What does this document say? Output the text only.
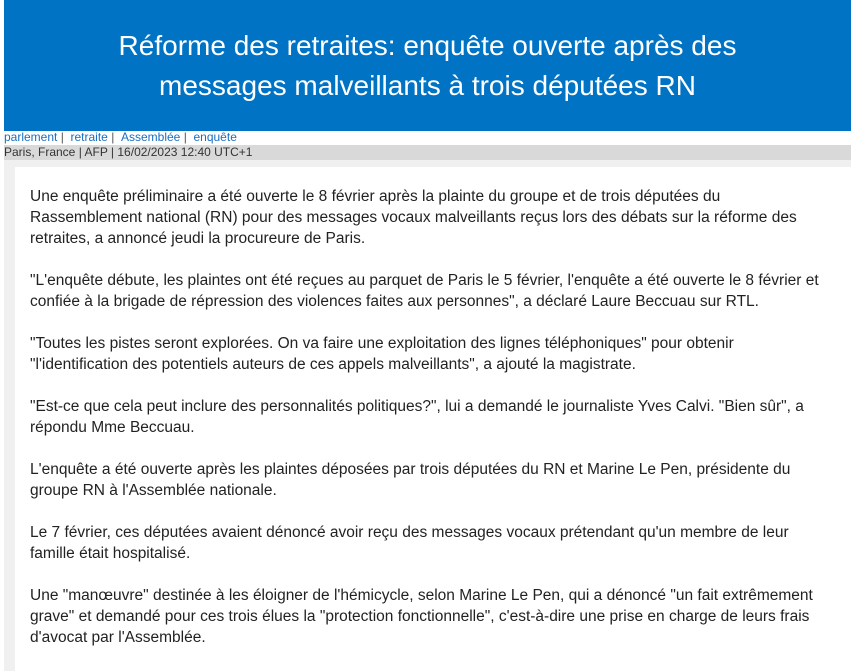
Réforme des retraites: enquête ouverte après des
messages malveillants à trois députées RN
parlement |  retraite |  Assemblée |  enquête
Paris, France | AFP | 16/02/2023 12:40 UTC+1

Une enquête préliminaire a été ouverte le 8 février après la plainte du groupe et de trois députées du Rassemblement national (RN) pour des messages vocaux malveillants reçus lors des débats sur la réforme des retraites, a annoncé jeudi la procureure de Paris.

"L'enquête débute, les plaintes ont été reçues au parquet de Paris le 5 février, l'enquête a été ouverte le 8 février et confiée à la brigade de répression des violences faites aux personnes", a déclaré Laure Beccuau sur RTL.

"Toutes les pistes seront explorées. On va faire une exploitation des lignes téléphoniques" pour obtenir "l'identification des potentiels auteurs de ces appels malveillants", a ajouté la magistrate.

"Est-ce que cela peut inclure des personnalités politiques?", lui a demandé le journaliste Yves Calvi. "Bien sûr", a répondu Mme Beccuau.

L'enquête a été ouverte après les plaintes déposées par trois députées du RN et Marine Le Pen, présidente du groupe RN à l'Assemblée nationale.

Le 7 février, ces députées avaient dénoncé avoir reçu des messages vocaux prétendant qu'un membre de leur famille était hospitalisé.

Une "manœuvre" destinée à les éloigner de l'hémicycle, selon Marine Le Pen, qui a dénoncé "un fait extrêmement grave" et demandé pour ces trois élues la "protection fonctionnelle", c'est-à-dire une prise en charge de leurs frais d'avocat par l'Assemblée.
